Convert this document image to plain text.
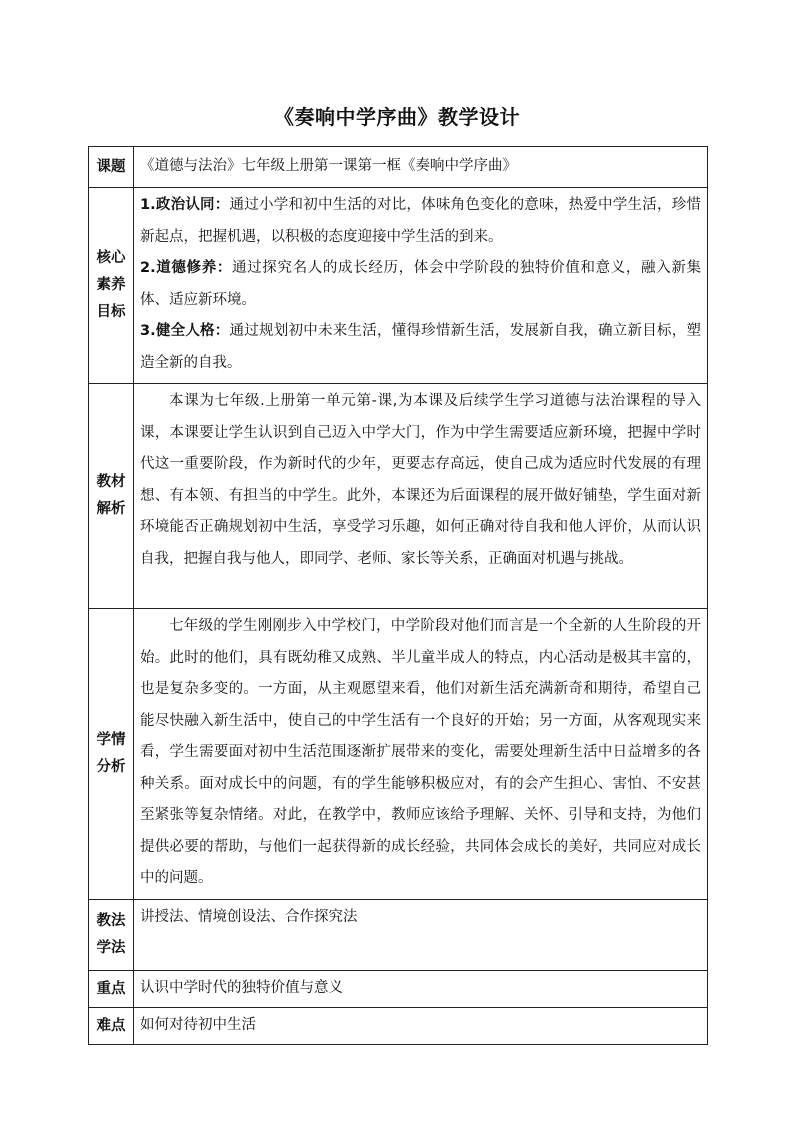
《奏响中学序曲》教学设计
课题	《道德与法治》七年级上册第一课第一框《奏响中学序曲》

核心
素养
目标	1.政治认同：通过小学和初中生活的对比，体味角色变化的意味，热爱中学生活，珍惜新起点，把握机遇，以积极的态度迎接中学生活的到来。
2.道德修养：通过探究名人的成长经历，体会中学阶段的独特价值和意义，融入新集体、适应新环境。
3.健全人格：通过规划初中未来生活，懂得珍惜新生活，发展新自我，确立新目标，塑造全新的自我。

教材
解析	本课为七年级.上册第一单元第-课,为本课及后续学生学习道德与法治课程的导入课，本课要让学生认识到自己迈入中学大门，作为中学生需要适应新环境，把握中学时代这一重要阶段，作为新时代的少年，更要志存高远，使自己成为适应时代发展的有理想、有本领、有担当的中学生。此外，本课还为后面课程的展开做好铺垫，学生面对新环境能否正确规划初中生活，享受学习乐趣，如何正确对待自我和他人评价，从而认识自我，把握自我与他人，即同学、老师、家长等关系，正确面对机遇与挑战。

学情
分析	七年级的学生刚刚步入中学校门，中学阶段对他们而言是一个全新的人生阶段的开始。此时的他们，具有既幼稚又成熟、半儿童半成人的特点，内心活动是极其丰富的，也是复杂多变的。一方面，从主观愿望来看，他们对新生活充满新奇和期待，希望自己能尽快融入新生活中，使自己的中学生活有一个良好的开始；另一方面，从客观现实来看，学生需要面对初中生活范围逐渐扩展带来的变化，需要处理新生活中日益增多的各种关系。面对成长中的问题，有的学生能够积极应对，有的会产生担心、害怕、不安甚至紧张等复杂情绪。对此，在教学中，教师应该给予理解、关怀、引导和支持，为他们提供必要的帮助，与他们一起获得新的成长经验，共同体会成长的美好，共同应对成长中的问题。

教法
学法	讲授法、情境创设法、合作探究法

重点	认识中学时代的独特价值与意义

难点	如何对待初中生活
